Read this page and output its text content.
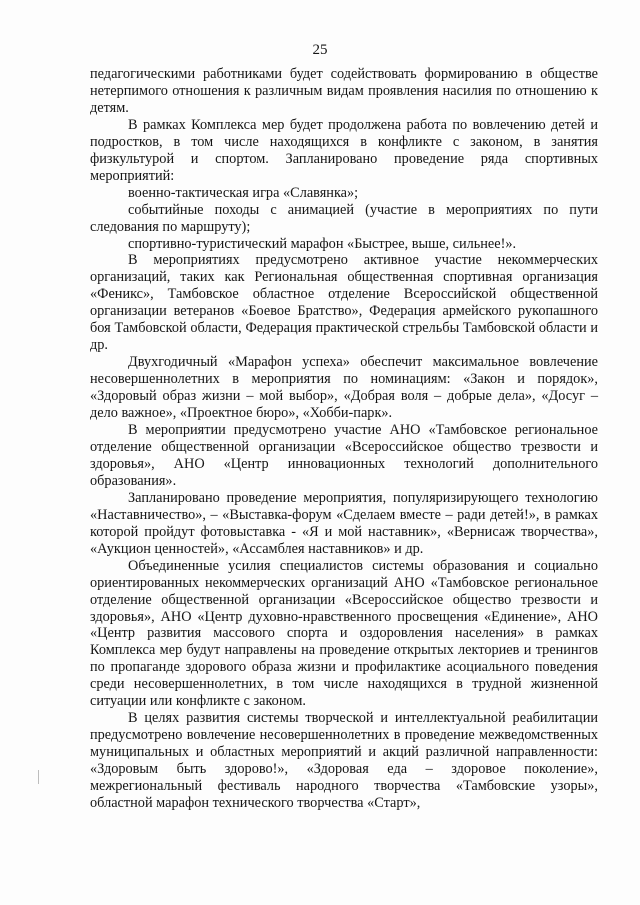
25

педагогическими работниками будет содействовать формированию в обществе нетерпимого отношения к различным видам проявления насилия по отношению к детям.

В рамках Комплекса мер будет продолжена работа по вовлечению детей и подростков, в том числе находящихся в конфликте с законом, в занятия физкультурой и спортом. Запланировано проведение ряда спортивных мероприятий:

военно-тактическая игра «Славянка»;

событийные походы с анимацией (участие в мероприятиях по пути следования по маршруту);

спортивно-туристический марафон «Быстрее, выше, сильнее!».

В мероприятиях предусмотрено активное участие некоммерческих организаций, таких как Региональная общественная спортивная организация «Феникс», Тамбовское областное отделение Всероссийской общественной организации ветеранов «Боевое Братство», Федерация армейского рукопашного боя Тамбовской области, Федерация практической стрельбы Тамбовской области и др.

Двухгодичный «Марафон успеха» обеспечит максимальное вовлечение несовершеннолетних в мероприятия по номинациям: «Закон и порядок», «Здоровый образ жизни – мой выбор», «Добрая воля – добрые дела», «Досуг – дело важное», «Проектное бюро», «Хобби-парк».

В мероприятии предусмотрено участие АНО «Тамбовское региональное отделение общественной организации «Всероссийское общество трезвости и здоровья», АНО «Центр инновационных технологий дополнительного образования».

Запланировано проведение мероприятия, популяризирующего технологию «Наставничество», – «Выставка-форум «Сделаем вместе – ради детей!», в рамках которой пройдут фотовыставка - «Я и мой наставник», «Вернисаж творчества», «Аукцион ценностей», «Ассамблея наставников» и др.

Объединенные усилия специалистов системы образования и социально ориентированных некоммерческих организаций АНО «Тамбовское региональное отделение общественной организации «Всероссийское общество трезвости и здоровья», АНО «Центр духовно-нравственного просвещения «Единение», АНО «Центр развития массового спорта и оздоровления населения» в рамках Комплекса мер будут направлены на проведение открытых лекториев и тренингов по пропаганде здорового образа жизни и профилактике асоциального поведения среди несовершеннолетних, в том числе находящихся в трудной жизненной ситуации или конфликте с законом.

В целях развития системы творческой и интеллектуальной реабилитации предусмотрено вовлечение несовершеннолетних в проведение межведомственных муниципальных и областных мероприятий и акций различной направленности: «Здоровым быть здорово!», «Здоровая еда – здоровое поколение», межрегиональный фестиваль народного творчества «Тамбовские узоры», областной марафон технического творчества «Старт»,
